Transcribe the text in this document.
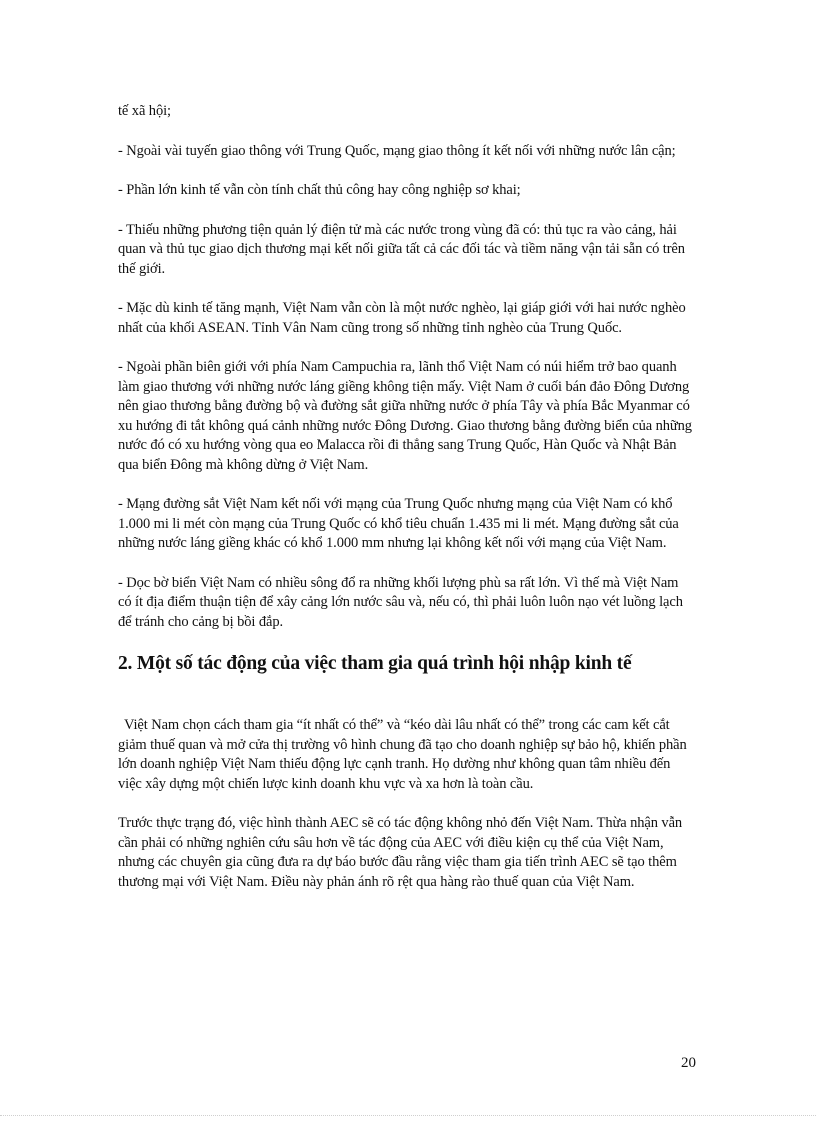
tế xã hội;

- Ngoài vài tuyến giao thông với Trung Quốc, mạng giao thông ít kết nối với những nước lân cận;

- Phần lớn kinh tế vẫn còn tính chất thủ công hay công nghiệp sơ khai;

- Thiếu những phương tiện quản lý điện tử mà các nước trong vùng đã có: thủ tục ra vào cảng, hải quan và thủ tục giao dịch thương mại kết nối giữa tất cả các đối tác và tiềm năng vận tải sẵn có trên thế giới.

- Mặc dù kinh tế tăng mạnh, Việt Nam vẫn còn là một nước nghèo, lại giáp giới với hai nước nghèo nhất của khối ASEAN. Tỉnh Vân Nam cũng trong số những tỉnh nghèo của Trung Quốc.

- Ngoài phần biên giới với phía Nam Campuchia ra, lãnh thổ Việt Nam có núi hiểm trở bao quanh làm giao thương với những nước láng giềng không tiện mấy. Việt Nam ở cuối bán đảo Đông Dương nên giao thương bằng đường bộ và đường sắt giữa những nước ở phía Tây và phía Bắc Myanmar có xu hướng đi tắt không quá cảnh những nước Đông Dương. Giao thương bằng đường biển của những nước đó có xu hướng vòng qua eo Malacca rồi đi thẳng sang Trung Quốc, Hàn Quốc và Nhật Bản qua biển Đông mà không dừng ở Việt Nam.

- Mạng đường sắt Việt Nam kết nối với mạng của Trung Quốc nhưng mạng của Việt Nam có khổ 1.000 mi li mét còn mạng của Trung Quốc có khổ tiêu chuẩn 1.435 mi li mét. Mạng đường sắt của những nước láng giềng khác có khổ 1.000 mm nhưng lại không kết nối với mạng của Việt Nam.

- Dọc bờ biển Việt Nam có nhiều sông đổ ra những khối lượng phù sa rất lớn. Vì thế mà Việt Nam có ít địa điểm thuận tiện để xây cảng lớn nước sâu và, nếu có, thì phải luôn luôn nạo vét luồng lạch để tránh cho cảng bị bồi đắp.

2. Một số tác động của việc tham gia quá trình hội nhập kinh tế

Việt Nam chọn cách tham gia “ít nhất có thể” và “kéo dài lâu nhất có thể” trong các cam kết cắt giảm thuế quan và mở cửa thị trường vô hình chung đã tạo cho doanh nghiệp sự bảo hộ, khiến phần lớn doanh nghiệp Việt Nam thiếu động lực cạnh tranh. Họ dường như không quan tâm nhiều đến việc xây dựng một chiến lược kinh doanh khu vực và xa hơn là toàn cầu.

Trước thực trạng đó, việc hình thành AEC sẽ có tác động không nhỏ đến Việt Nam. Thừa nhận vẫn cần phải có những nghiên cứu sâu hơn về tác động của AEC với điều kiện cụ thể của Việt Nam, nhưng các chuyên gia cũng đưa ra dự báo bước đầu rằng việc tham gia tiến trình AEC sẽ tạo thêm thương mại với Việt Nam. Điều này phản ánh rõ rệt qua hàng rào thuế quan của Việt Nam.

20
